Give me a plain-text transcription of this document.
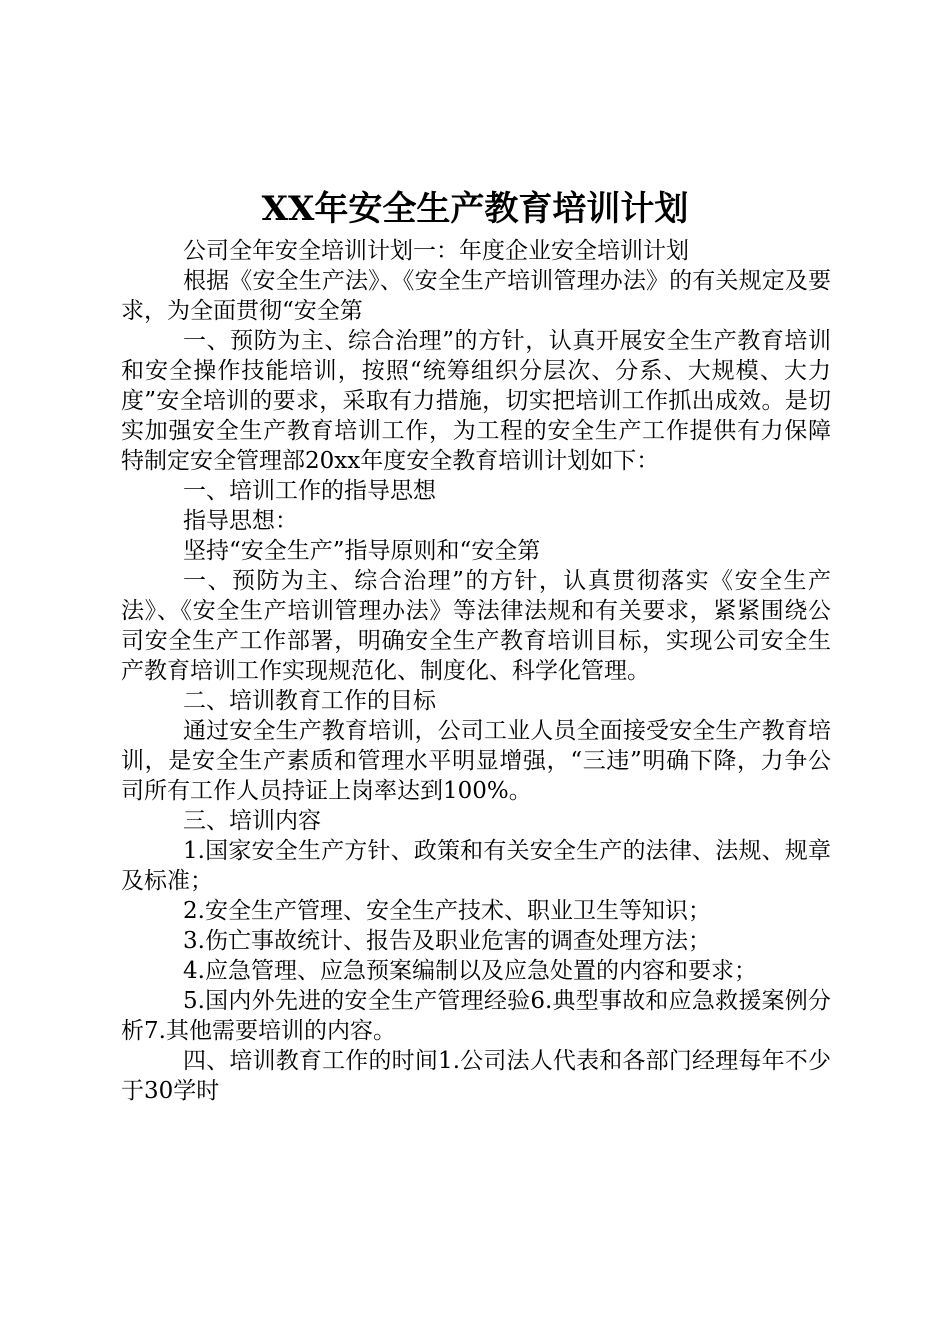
XX年安全生产教育培训计划

公司全年安全培训计划一：年度企业安全培训计划

根据《安全生产法》、《安全生产培训管理办法》的有关规定及要求，为全面贯彻“安全第

一、预防为主、综合治理”的方针，认真开展安全生产教育培训和安全操作技能培训，按照“统筹组织分层次、分系、大规模、大力度”安全培训的要求，采取有力措施，切实把培训工作抓出成效。是切实加强安全生产教育培训工作，为工程的安全生产工作提供有力保障特制定安全管理部20xx年度安全教育培训计划如下：

一、培训工作的指导思想

指导思想：

坚持“安全生产”指导原则和“安全第

一、预防为主、综合治理”的方针，认真贯彻落实《安全生产法》、《安全生产培训管理办法》等法律法规和有关要求，紧紧围绕公司安全生产工作部署，明确安全生产教育培训目标，实现公司安全生产教育培训工作实现规范化、制度化、科学化管理。

二、培训教育工作的目标

通过安全生产教育培训，公司工业人员全面接受安全生产教育培训，是安全生产素质和管理水平明显增强，“三违”明确下降，力争公司所有工作人员持证上岗率达到100%。

三、培训内容

1.国家安全生产方针、政策和有关安全生产的法律、法规、规章及标准；

2.安全生产管理、安全生产技术、职业卫生等知识；

3.伤亡事故统计、报告及职业危害的调查处理方法；

4.应急管理、应急预案编制以及应急处置的内容和要求；

5.国内外先进的安全生产管理经验6.典型事故和应急救援案例分析7.其他需要培训的内容。

四、培训教育工作的时间1.公司法人代表和各部门经理每年不少于30学时
